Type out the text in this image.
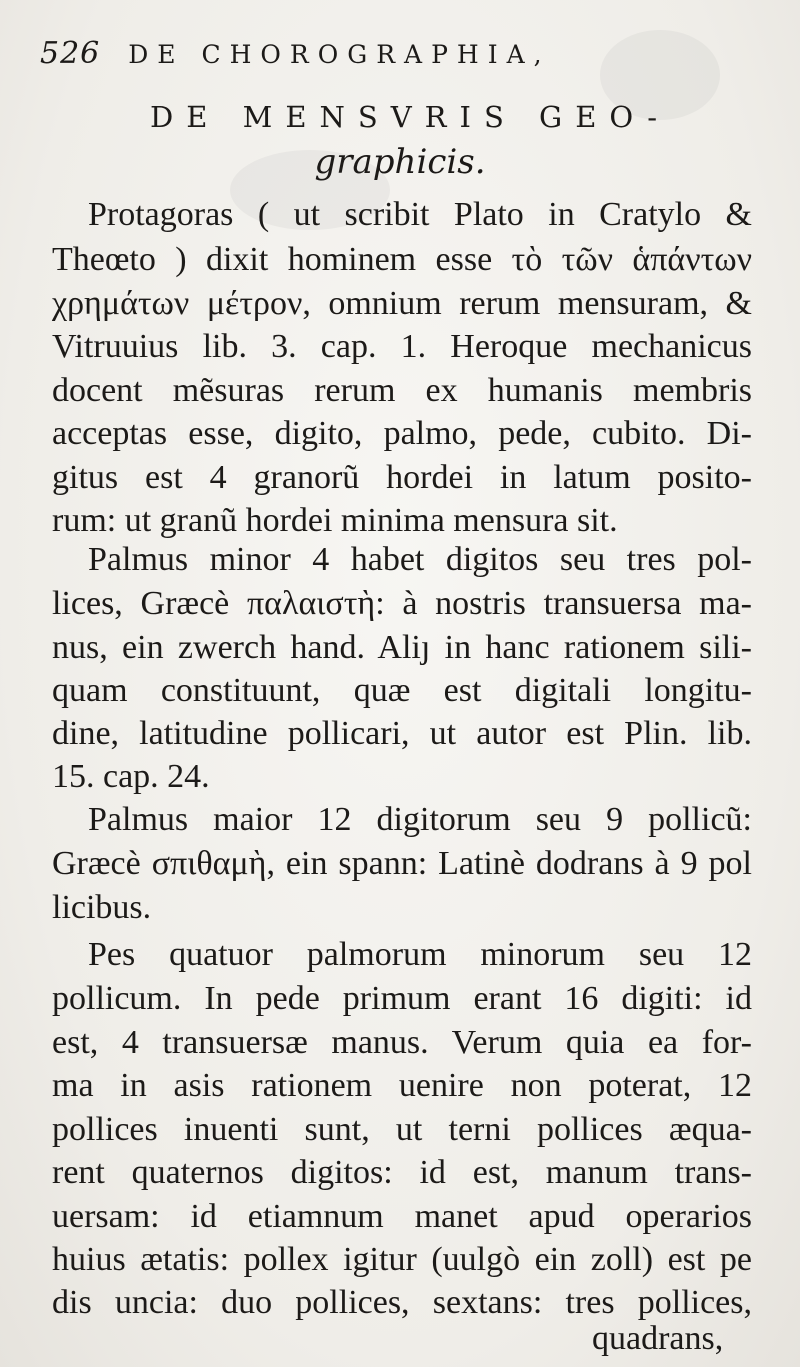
526 DE CHOROGRAPHIA,
DE MENSVRIS GEO-
graphicis.
Protagoras ( ut scribit Plato in Cratylo &
Theœto ) dixit hominem esse τὸ τῶν ἁπάντων
χρημάτων μέτρον, omnium rerum mensuram, &
Vitruuius lib. 3. cap. 1. Heroque mechanicus
docent mẽsuras rerum ex humanis membris
acceptas esse, digito, palmo, pede, cubito. Di-
gitus est 4 granorũ hordei in latum posito-
rum: ut granũ hordei minima mensura sit.
Palmus minor 4 habet digitos seu tres pol-
lices, Græcè παλαιστὴ: à nostris transuersa ma-
nus, ein zwerch hand. Aliȷ in hanc rationem sili-
quam constituunt, quæ est digitali longitu-
dine, latitudine pollicari, ut autor est Plin. lib.
15. cap. 24.
Palmus maior 12 digitorum seu 9 pollicũ:
Græcè σπιθαμὴ, ein spann: Latinè dodrans à 9 pol
licibus.
Pes quatuor palmorum minorum seu 12
pollicum. In pede primum erant 16 digiti: id
est, 4 transuersæ manus. Verum quia ea for-
ma in asis rationem uenire non poterat, 12
pollices inuenti sunt, ut terni pollices æqua-
rent quaternos digitos: id est, manum trans-
uersam: id etiamnum manet apud operarios
huius ætatis: pollex igitur (uulgò ein zoll) est pe
dis uncia: duo pollices, sextans: tres pollices,
quadrans,
